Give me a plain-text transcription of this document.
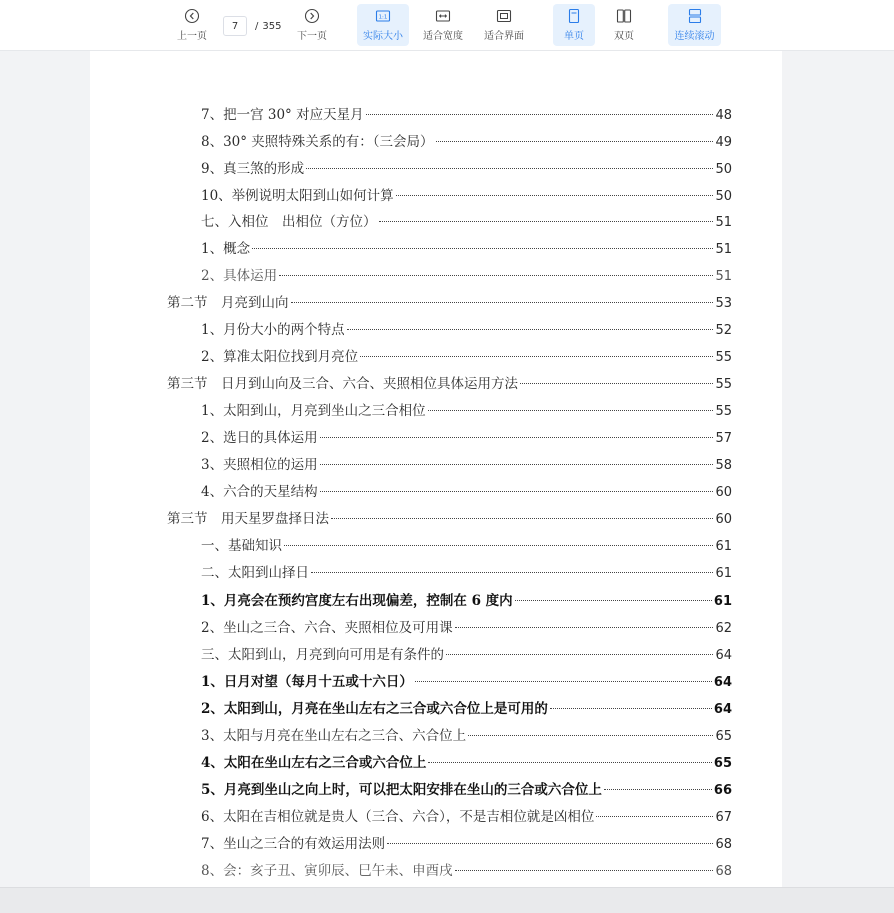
上一页
7
/ 355
下一页
1:1
实际大小 适合宽度 适合界面	单页	双页	连续滚动
7、把一宫 30° 对应天星月	48
8、30° 夹照特殊关系的有：（三会局）	49
9、真三煞的形成	50
10、举例说明太阳到山如何计算	50
七、入相位　出相位（方位）	51
1、概念	51
2、具体运用	51
第二节　月亮到山向	53
1、月份大小的两个特点	52
2、算准太阳位找到月亮位	55
第三节　日月到山向及三合、六合、夹照相位具体运用方法	55
1、太阳到山，月亮到坐山之三合相位	55
2、选日的具体运用	57
3、夹照相位的运用	58
4、六合的天星结构	60
第三节　用天星罗盘择日法	60
一、基础知识	61
二、太阳到山择日	61
1、月亮会在预约宫度左右出现偏差，控制在 6 度内	61
2、坐山之三合、六合、夹照相位及可用课	62
三、太阳到山，月亮到向可用是有条件的	64
1、日月对望（每月十五或十六日）	64
2、太阳到山，月亮在坐山左右之三合或六合位上是可用的	64
3、太阳与月亮在坐山左右之三合、六合位上	65
4、太阳在坐山左右之三合或六合位上	65
5、月亮到坐山之向上时，可以把太阳安排在坐山的三合或六合位上	66
6、太阳在吉相位就是贵人（三合、六合），不是吉相位就是凶相位	67
7、坐山之三合的有效运用法则	68
8、会：亥子丑、寅卯辰、巳午未、申酉戌	68
